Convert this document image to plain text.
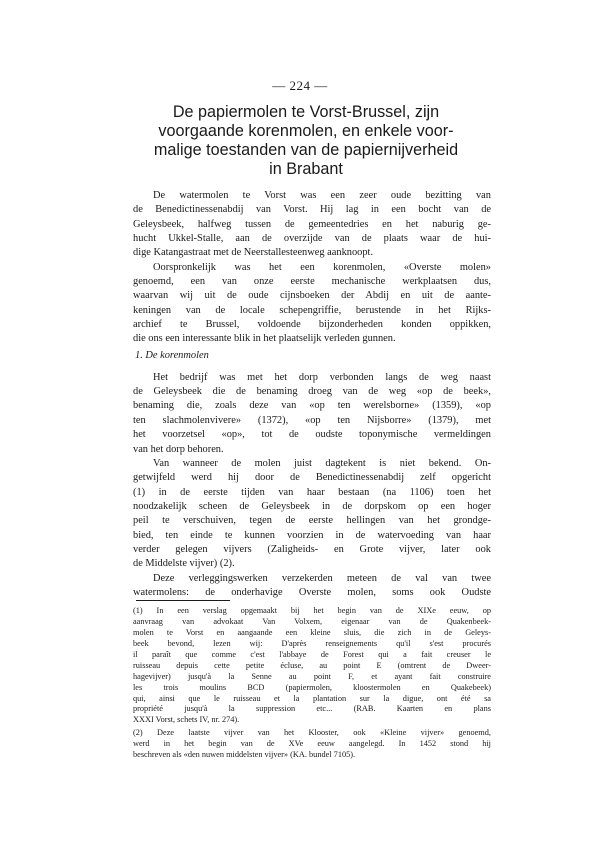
— 224 —
De papiermolen te Vorst-Brussel, zijn
voorgaande korenmolen, en enkele voor-
malige toestanden van de papiernijverheid
in Brabant
De watermolen te Vorst was een zeer oude bezitting van
de Benedictinessenabdij van Vorst. Hij lag in een bocht van de
Geleysbeek, halfweg tussen de gemeentedries en het naburig ge-
hucht Ukkel-Stalle, aan de overzijde van de plaats waar de hui-
dige Katangastraat met de Neerstallesteenweg aanknoopt.
Oorspronkelijk was het een korenmolen, «Overste molen»
genoemd, een van onze eerste mechanische werkplaatsen dus,
waarvan wij uit de oude cijnsboeken der Abdij en uit de aante-
keningen van de locale schepengriffie, berustende in het Rijks-
archief te Brussel, voldoende bijzonderheden konden oppikken,
die ons een interessante blik in het plaatselijk verleden gunnen.
1. De korenmolen
Het bedrijf was met het dorp verbonden langs de weg naast
de Geleysbeek die de benaming droeg van de weg «op de beek»,
benaming die, zoals deze van «op ten werelsborne» (1359), «op
ten slachmolenvivere» (1372), «op ten Nijsborre» (1379), met
het voorzetsel «op», tot de oudste toponymische vermeldingen
van het dorp behoren.
Van wanneer de molen juist dagtekent is niet bekend. On-
getwijfeld werd hij door de Benedictinessenabdij zelf opgericht
(1) in de eerste tijden van haar bestaan (na 1106) toen het
noodzakelijk scheen de Geleysbeek in de dorpskom op een hoger
peil te verschuiven, tegen de eerste hellingen van het grondge-
bied, ten einde te kunnen voorzien in de watervoeding van haar
verder gelegen vijvers (Zaligheids- en Grote vijver, later ook
de Middelste vijver) (2).
Deze verleggingswerken verzekerden meteen de val van twee
watermolens: de onderhavige Overste molen, soms ook Oudste
(1) In een verslag opgemaakt bij het begin van de XIXe eeuw, op
aanvraag van advokaat Van Volxem, eigenaar van de Quakenbeek-
molen te Vorst en aangaande een kleine sluis, die zich in de Geleys-
beek bevond, lezen wij: D'après renseignements qu'il s'est procurés
il paraît que comme c'est l'abbaye de Forest qui a fait creuser le
ruisseau depuis cette petite écluse, au point E (omtrent de Dweer-
hagevijver) jusqu'à la Senne au point F, et ayant fait construire
les trois moulins BCD (papiermolen, kloostermolen en Quakebeek)
qui, ainsi que le ruisseau et la plantation sur la digue, ont été sa
propriété jusqu'à la suppression etc... (RAB. Kaarten en plans
XXXI Vorst, schets IV, nr. 274).
(2) Deze laatste vijver van het Klooster, ook «Kleine vijver» genoemd,
werd in het begin van de XVe eeuw aangelegd. In 1452 stond hij
beschreven als «den nuwen middelsten vijver» (KA. bundel 7105).
